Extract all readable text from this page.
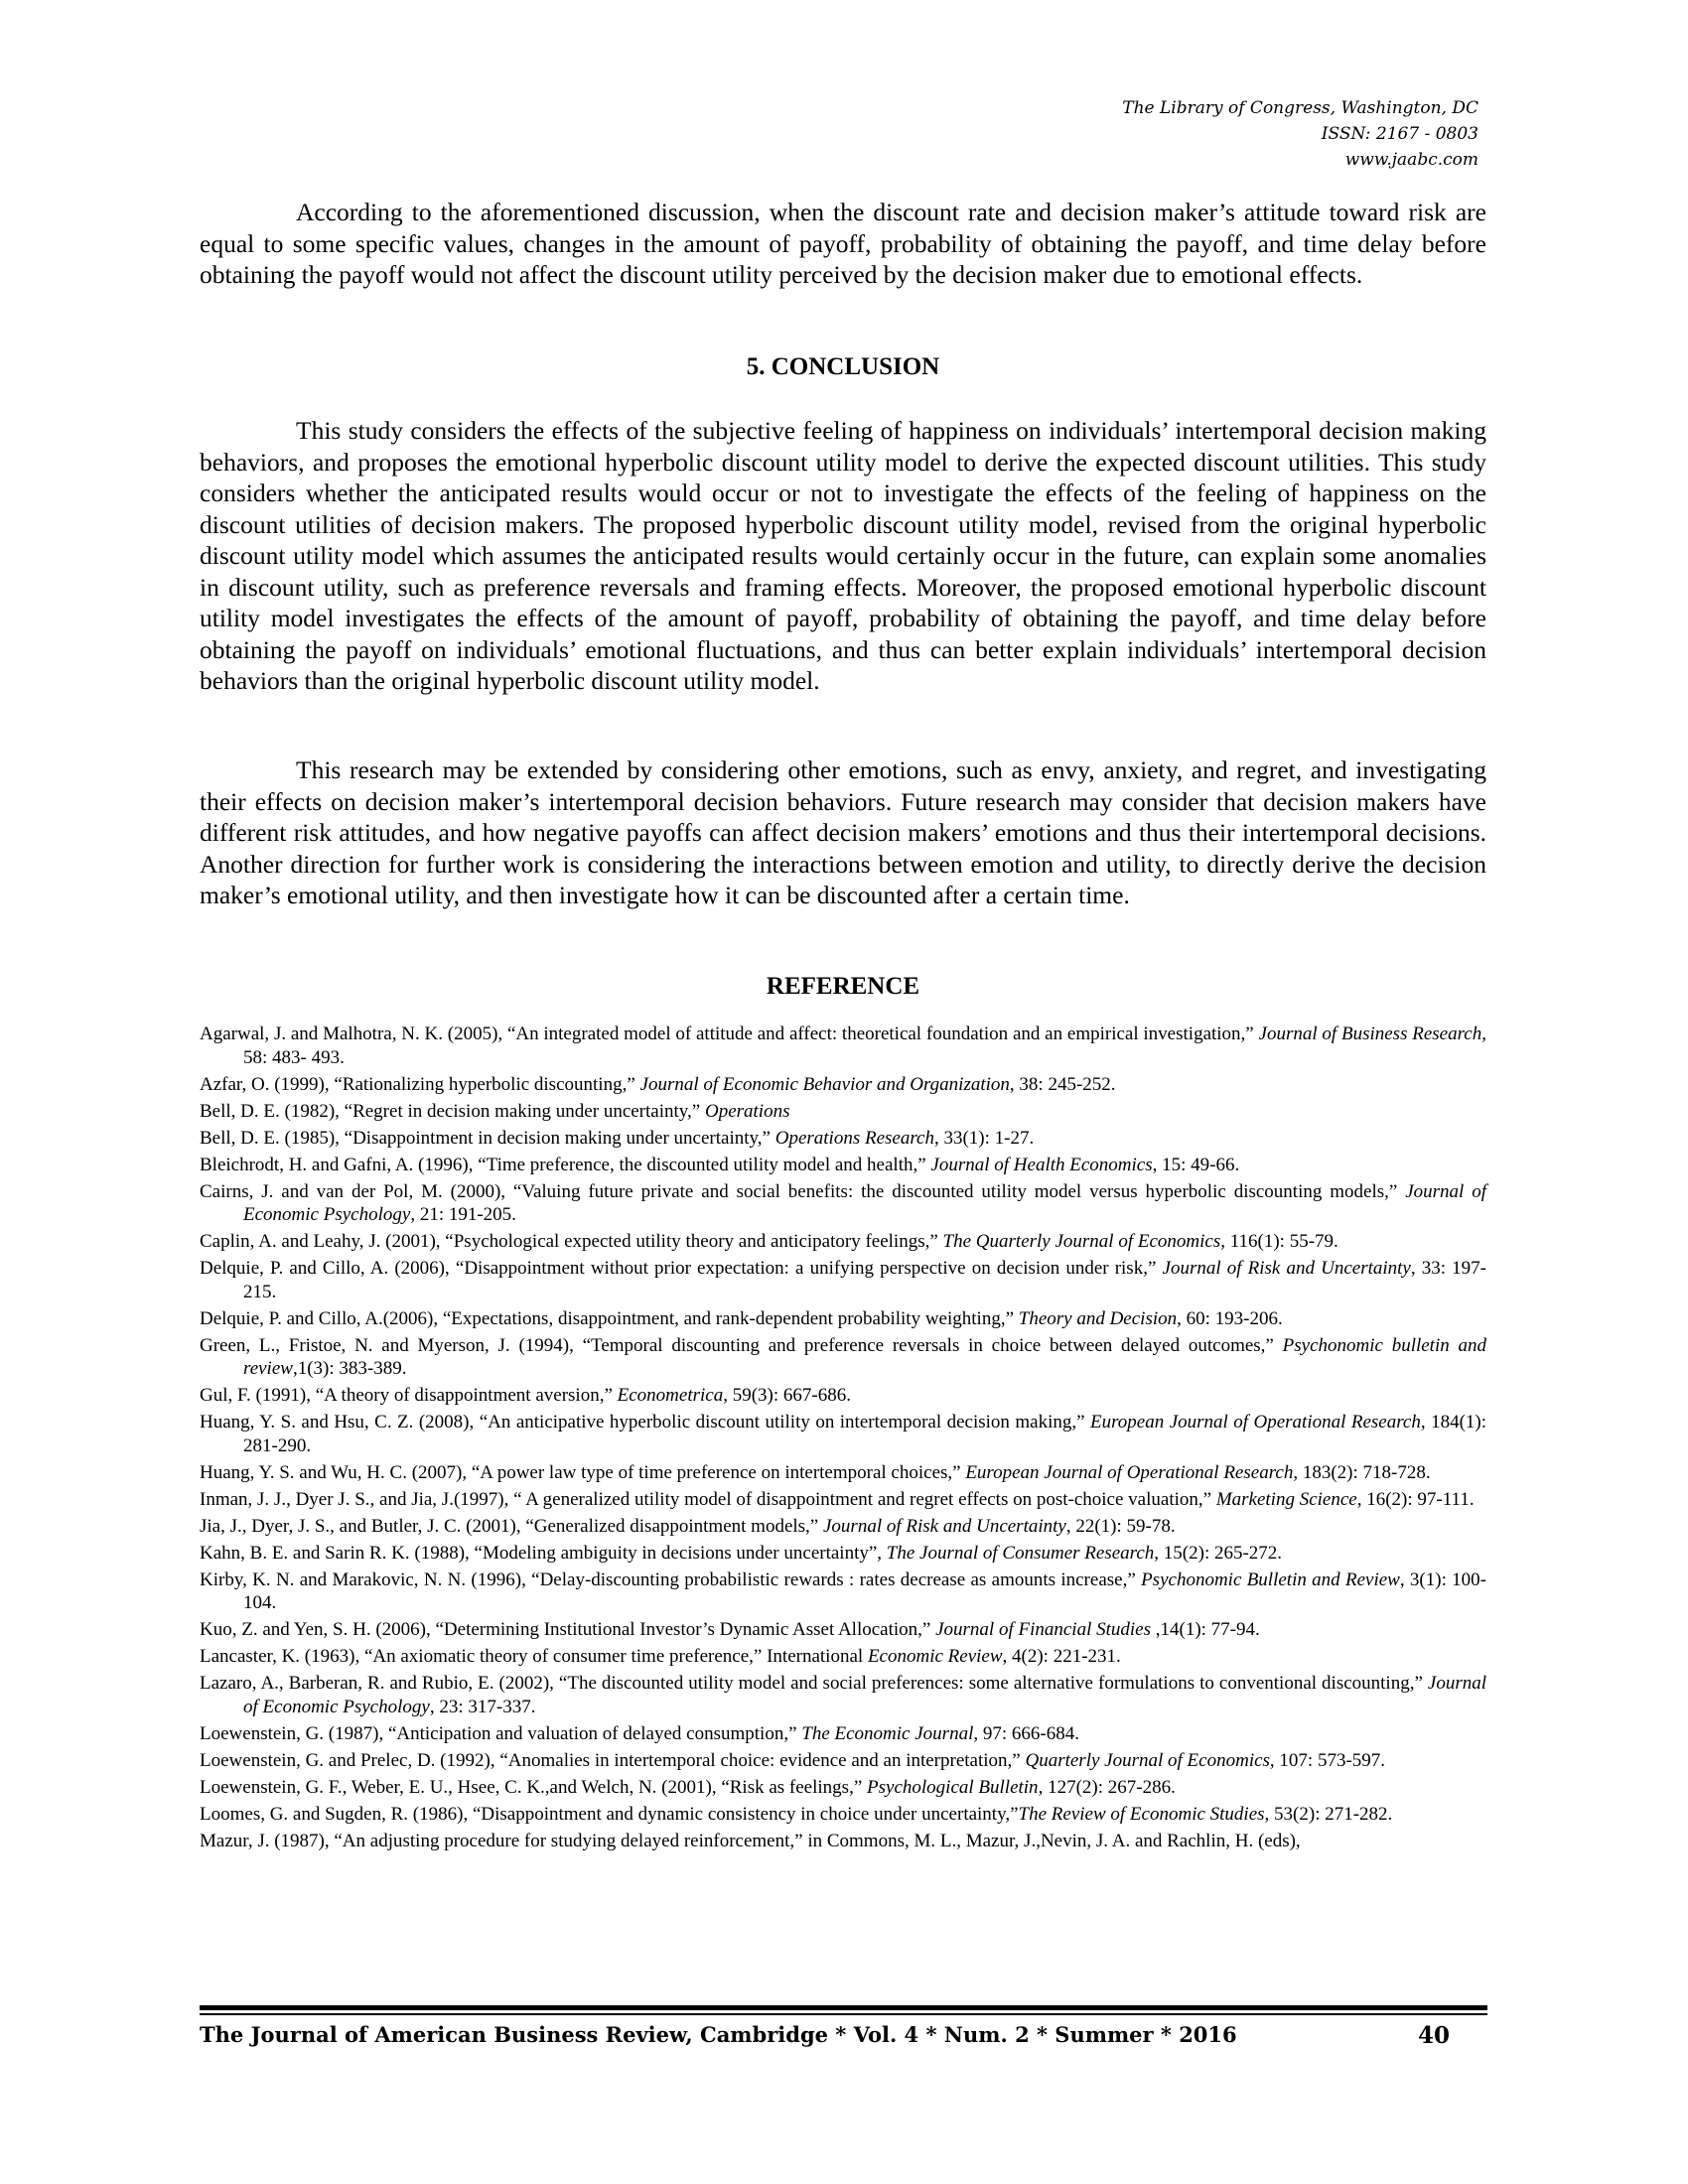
The Library of Congress, Washington, DC
ISSN: 2167 - 0803
www.jaabc.com

According to the aforementioned discussion, when the discount rate and decision maker’s attitude toward risk are equal to some specific values, changes in the amount of payoff, probability of obtaining the payoff, and time delay before obtaining the payoff would not affect the discount utility perceived by the decision maker due to emotional effects.

5. CONCLUSION

This study considers the effects of the subjective feeling of happiness on individuals’ intertemporal decision making behaviors, and proposes the emotional hyperbolic discount utility model to derive the expected discount utilities. This study considers whether the anticipated results would occur or not to investigate the effects of the feeling of happiness on the discount utilities of decision makers. The proposed hyperbolic discount utility model, revised from the original hyperbolic discount utility model which assumes the anticipated results would certainly occur in the future, can explain some anomalies in discount utility, such as preference reversals and framing effects. Moreover, the proposed emotional hyperbolic discount utility model investigates the effects of the amount of payoff, probability of obtaining the payoff, and time delay before obtaining the payoff on individuals’ emotional fluctuations, and thus can better explain individuals’ intertemporal decision behaviors than the original hyperbolic discount utility model.

This research may be extended by considering other emotions, such as envy, anxiety, and regret, and investigating their effects on decision maker’s intertemporal decision behaviors. Future research may consider that decision makers have different risk attitudes, and how negative payoffs can affect decision makers’ emotions and thus their intertemporal decisions. Another direction for further work is considering the interactions between emotion and utility, to directly derive the decision maker’s emotional utility, and then investigate how it can be discounted after a certain time.

REFERENCE

Agarwal, J. and Malhotra, N. K. (2005), “An integrated model of attitude and affect: theoretical foundation and an empirical investigation,” Journal of Business Research, 58: 483- 493.

Azfar, O. (1999), “Rationalizing hyperbolic discounting,” Journal of Economic Behavior and Organization, 38: 245-252.

Bell, D. E. (1982), “Regret in decision making under uncertainty,” Operations

Bell, D. E. (1985), “Disappointment in decision making under uncertainty,” Operations Research, 33(1): 1-27.

Bleichrodt, H. and Gafni, A. (1996), “Time preference, the discounted utility model and health,” Journal of Health Economics, 15: 49-66.

Cairns, J. and van der Pol, M. (2000), “Valuing future private and social benefits: the discounted utility model versus hyperbolic discounting models,” Journal of Economic Psychology, 21: 191-205.

Caplin, A. and Leahy, J. (2001), “Psychological expected utility theory and anticipatory feelings,” The Quarterly Journal of Economics, 116(1): 55-79.

Delquie, P. and Cillo, A. (2006), “Disappointment without prior expectation: a unifying perspective on decision under risk,” Journal of Risk and Uncertainty, 33: 197-215.

Delquie, P. and Cillo, A.(2006), “Expectations, disappointment, and rank-dependent probability weighting,” Theory and Decision, 60: 193-206.

Green, L., Fristoe, N. and Myerson, J. (1994), “Temporal discounting and preference reversals in choice between delayed outcomes,” Psychonomic bulletin and review,1(3): 383-389.

Gul, F. (1991), “A theory of disappointment aversion,” Econometrica, 59(3): 667-686.

Huang, Y. S. and Hsu, C. Z. (2008), “An anticipative hyperbolic discount utility on intertemporal decision making,” European Journal of Operational Research, 184(1): 281-290.

Huang, Y. S. and Wu, H. C. (2007), “A power law type of time preference on intertemporal choices,” European Journal of Operational Research, 183(2): 718-728.

Inman, J. J., Dyer J. S., and Jia, J.(1997), “ A generalized utility model of disappointment and regret effects on post-choice valuation,” Marketing Science, 16(2): 97-111.

Jia, J., Dyer, J. S., and Butler, J. C. (2001), “Generalized disappointment models,” Journal of Risk and Uncertainty, 22(1): 59-78.

Kahn, B. E. and Sarin R. K. (1988), “Modeling ambiguity in decisions under uncertainty”, The Journal of Consumer Research, 15(2): 265-272.

Kirby, K. N. and Marakovic, N. N. (1996), “Delay-discounting probabilistic rewards : rates decrease as amounts increase,” Psychonomic Bulletin and Review, 3(1): 100-104.

Kuo, Z. and Yen, S. H. (2006), “Determining Institutional Investor’s Dynamic Asset Allocation,” Journal of Financial Studies ,14(1): 77-94.

Lancaster, K. (1963), “An axiomatic theory of consumer time preference,” International Economic Review, 4(2): 221-231.

Lazaro, A., Barberan, R. and Rubio, E. (2002), “The discounted utility model and social preferences: some alternative formulations to conventional discounting,” Journal of Economic Psychology, 23: 317-337.

Loewenstein, G. (1987), “Anticipation and valuation of delayed consumption,” The Economic Journal, 97: 666-684.

Loewenstein, G. and Prelec, D. (1992), “Anomalies in intertemporal choice: evidence and an interpretation,” Quarterly Journal of Economics, 107: 573-597.

Loewenstein, G. F., Weber, E. U., Hsee, C. K.,and Welch, N. (2001), “Risk as feelings,” Psychological Bulletin, 127(2): 267-286.

Loomes, G. and Sugden, R. (1986), “Disappointment and dynamic consistency in choice under uncertainty,”The Review of Economic Studies, 53(2): 271-282.

Mazur, J. (1987), “An adjusting procedure for studying delayed reinforcement,” in Commons, M. L., Mazur, J.,Nevin, J. A. and Rachlin, H. (eds),

The Journal of American Business Review, Cambridge * Vol. 4 * Num. 2 * Summer * 2016	40
